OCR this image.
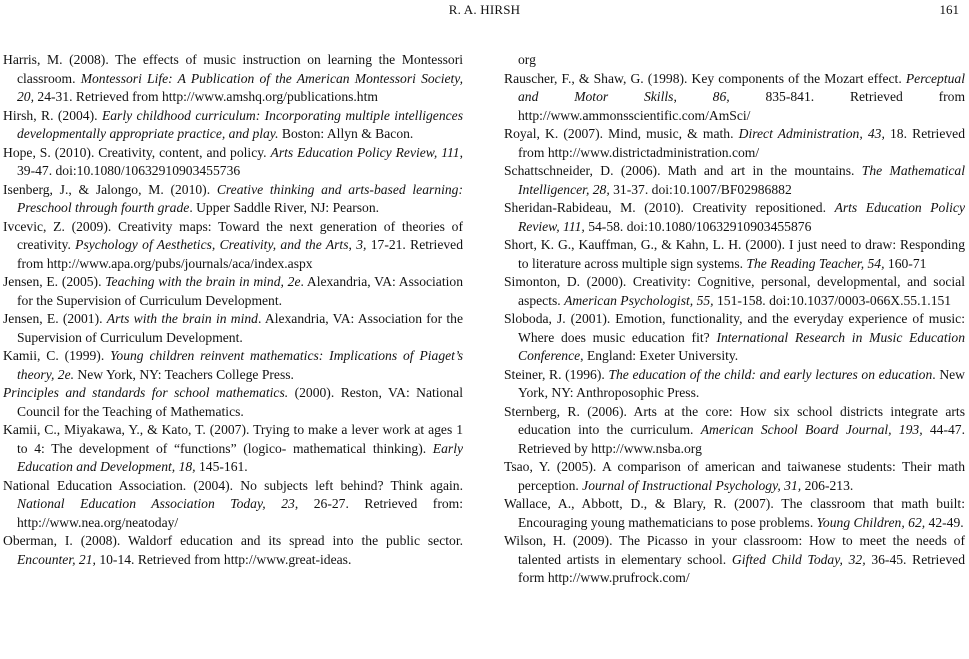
R. A. HIRSH	161

Harris, M. (2008). The effects of music instruction on learning the Montessori classroom. Montessori Life: A Publication of the American Montessori Society, 20, 24-31. Retrieved from http://www.amshq.org/publications.htm

Hirsh, R. (2004). Early childhood curriculum: Incorporating multiple intelligences developmentally appropriate practice, and play. Boston: Allyn & Bacon.

Hope, S. (2010). Creativity, content, and policy. Arts Education Policy Review, 111, 39-47. doi:10.1080/10632910903455736

Isenberg, J., & Jalongo, M. (2010). Creative thinking and arts-based learning: Preschool through fourth grade. Upper Saddle River, NJ: Pearson.

Ivcevic, Z. (2009). Creativity maps: Toward the next generation of theories of creativity. Psychology of Aesthetics, Creativity, and the Arts, 3, 17-21. Retrieved from http://www.apa.org/pubs/journals/aca/index.aspx

Jensen, E. (2005). Teaching with the brain in mind, 2e. Alexandria, VA: Association for the Supervision of Curriculum Development.

Jensen, E. (2001). Arts with the brain in mind. Alexandria, VA: Association for the Supervision of Curriculum Development.

Kamii, C. (1999). Young children reinvent mathematics: Implications of Piaget’s theory, 2e. New York, NY: Teachers College Press.

Principles and standards for school mathematics. (2000). Reston, VA: National Council for the Teaching of Mathematics.

Kamii, C., Miyakawa, Y., & Kato, T. (2007). Trying to make a lever work at ages 1 to 4: The development of “functions” (logico- mathematical thinking). Early Education and Development, 18, 145-161.

National Education Association. (2004). No subjects left behind? Think again. National Education Association Today, 23, 26-27. Retrieved from: http://www.nea.org/neatoday/

Oberman, I. (2008). Waldorf education and its spread into the public sector. Encounter, 21, 10-14. Retrieved from http://www.great-ideas.

org

Rauscher, F., & Shaw, G. (1998). Key components of the Mozart effect. Perceptual and Motor Skills, 86, 835-841. Retrieved from http://www.ammonsscientific.com/AmSci/

Royal, K. (2007). Mind, music, & math. Direct Administration, 43, 18. Retrieved from http://www.districtadministration.com/

Schattschneider, D. (2006). Math and art in the mountains. The Mathematical Intelligencer, 28, 31-37. doi:10.1007/BF02986882

Sheridan-Rabideau, M. (2010). Creativity repositioned. Arts Education Policy Review, 111, 54-58. doi:10.1080/10632910903455876

Short, K. G., Kauffman, G., & Kahn, L. H. (2000). I just need to draw: Responding to literature across multiple sign systems. The Reading Teacher, 54, 160-71

Simonton, D. (2000). Creativity: Cognitive, personal, developmental, and social aspects. American Psychologist, 55, 151-158. doi:10.1037/0003-066X.55.1.151

Sloboda, J. (2001). Emotion, functionality, and the everyday experience of music: Where does music education fit? International Research in Music Education Conference, England: Exeter University.

Steiner, R. (1996). The education of the child: and early lectures on education. New York, NY: Anthroposophic Press.

Sternberg, R. (2006). Arts at the core: How six school districts integrate arts education into the curriculum. American School Board Journal, 193, 44-47. Retrieved by http://www.nsba.org

Tsao, Y. (2005). A comparison of american and taiwanese students: Their math perception. Journal of Instructional Psychology, 31, 206-213.

Wallace, A., Abbott, D., & Blary, R. (2007). The classroom that math built: Encouraging young mathematicians to pose problems. Young Children, 62, 42-49.

Wilson, H. (2009). The Picasso in your classroom: How to meet the needs of talented artists in elementary school. Gifted Child Today, 32, 36-45. Retrieved form http://www.prufrock.com/
